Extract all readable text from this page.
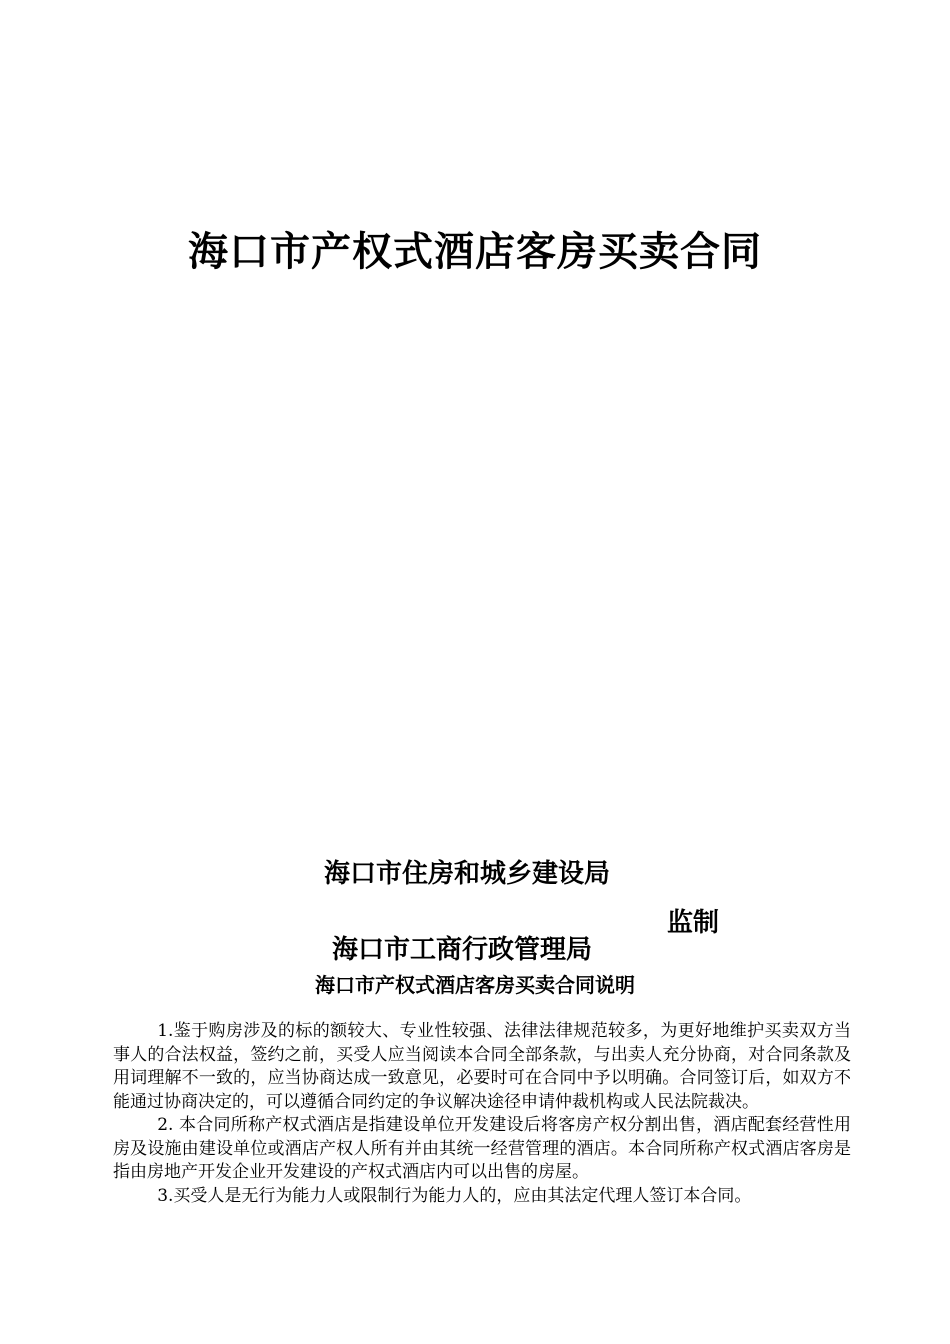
海口市产权式酒店客房买卖合同
海口市住房和城乡建设局
监制
海口市工商行政管理局
海口市产权式酒店客房买卖合同说明

1.鉴于购房涉及的标的额较大、专业性较强、法律法律规范较多，为更好地维护买卖双方当事人的合法权益，签约之前，买受人应当阅读本合同全部条款，与出卖人充分协商，对合同条款及用词理解不一致的，应当协商达成一致意见，必要时可在合同中予以明确。合同签订后，如双方不能通过协商决定的，可以遵循合同约定的争议解决途径申请仲裁机构或人民法院裁决。

2. 本合同所称产权式酒店是指建设单位开发建设后将客房产权分割出售，酒店配套经营性用房及设施由建设单位或酒店产权人所有并由其统一经营管理的酒店。本合同所称产权式酒店客房是指由房地产开发企业开发建设的产权式酒店内可以出售的房屋。

3.买受人是无行为能力人或限制行为能力人的，应由其法定代理人签订本合同。
